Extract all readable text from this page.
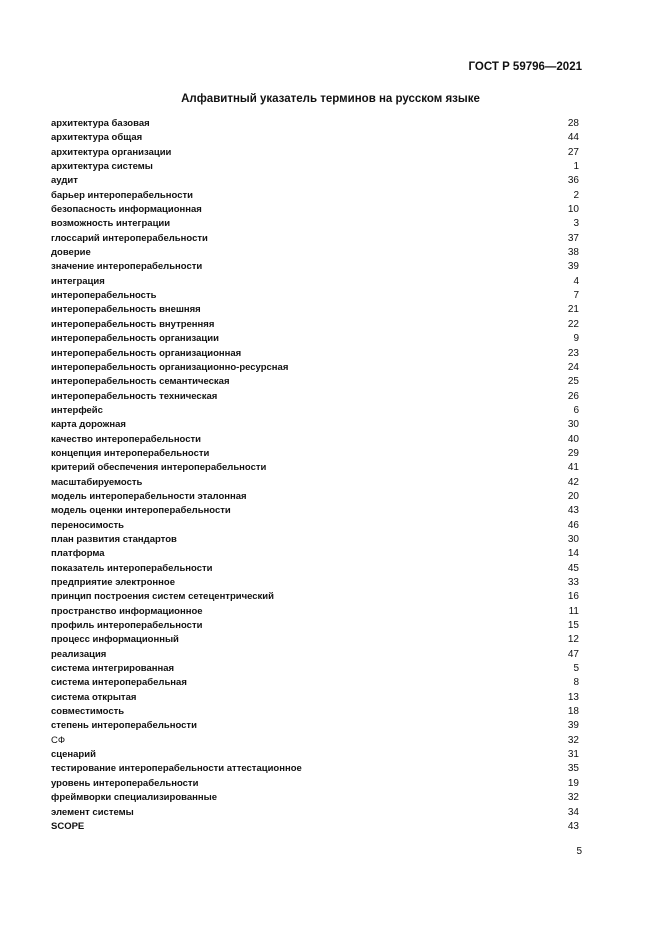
ГОСТ Р 59796—2021
Алфавитный указатель терминов на русском языке
архитектура базовая	28
архитектура общая	44
архитектура организации	27
архитектура системы	1
аудит	36
барьер интероперабельности	2
безопасность информационная	10
возможность интеграции	3
глоссарий интероперабельности	37
доверие	38
значение интероперабельности	39
интеграция	4
интероперабельность	7
интероперабельность внешняя	21
интероперабельность внутренняя	22
интероперабельность организации	9
интероперабельность организационная	23
интероперабельность организационно-ресурсная	24
интероперабельность семантическая	25
интероперабельность техническая	26
интерфейс	6
карта дорожная	30
качество интероперабельности	40
концепция интероперабельности	29
критерий обеспечения интероперабельности	41
масштабируемость	42
модель интероперабельности эталонная	20
модель оценки интероперабельности	43
переносимость	46
план развития стандартов	30
платформа	14
показатель интероперабельности	45
предприятие электронное	33
принцип построения систем сетецентрический	16
пространство информационное	11
профиль интероперабельности	15
процесс информационный	12
реализация	47
система интегрированная	5
система интероперабельная	8
система открытая	13
совместимость	18
степень интероперабельности	39
СФ	32
сценарий	31
тестирование интероперабельности аттестационное	35
уровень интероперабельности	19
фреймворки специализированные	32
элемент системы	34
SCOPE	43
5
